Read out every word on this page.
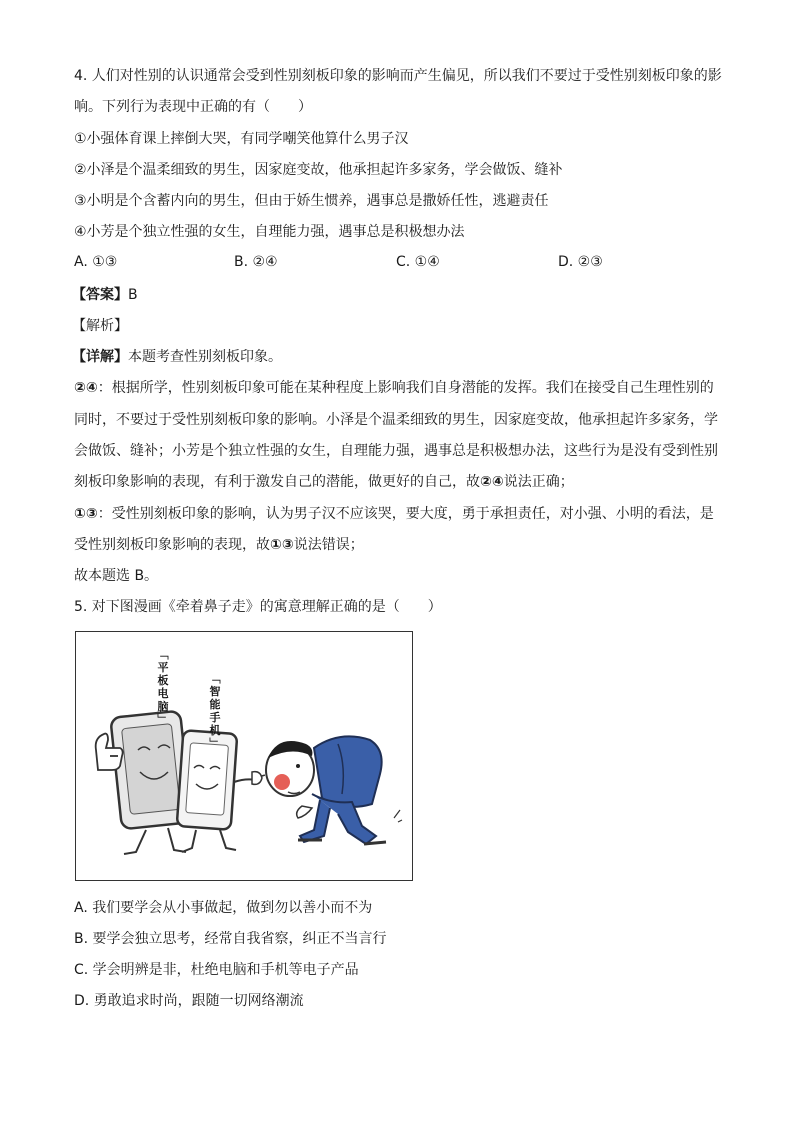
4. 人们对性别的认识通常会受到性别刻板印象的影响而产生偏见，所以我们不要过于受性别刻板印象的影
响。下列行为表现中正确的有（　　）
①小强体育课上摔倒大哭，有同学嘲笑他算什么男子汉
②小泽是个温柔细致的男生，因家庭变故，他承担起许多家务，学会做饭、缝补
③小明是个含蓄内向的男生，但由于娇生惯养，遇事总是撒娇任性，逃避责任
④小芳是个独立性强的女生，自理能力强，遇事总是积极想办法
A. ①③	B. ②④	C. ①④	D. ②③
【答案】B
【解析】
【详解】本题考查性别刻板印象。
②④：根据所学，性别刻板印象可能在某种程度上影响我们自身潜能的发挥。我们在接受自己生理性别的
同时，不要过于受性别刻板印象的影响。小泽是个温柔细致的男生，因家庭变故，他承担起许多家务，学
会做饭、缝补；小芳是个独立性强的女生，自理能力强，遇事总是积极想办法，这些行为是没有受到性别
刻板印象影响的表现，有利于激发自己的潜能，做更好的自己，故②④说法正确；
①③：受性别刻板印象的影响，认为男子汉不应该哭，要大度，勇于承担责任，对小强、小明的看法，是
受性别刻板印象影响的表现，故①③说法错误；
故本题选 B。
5. 对下图漫画《牵着鼻子走》的寓意理解正确的是（　　）
﹁
平
板
电
脑
﹂
﹁
智
能
手
机
﹂
A. 我们要学会从小事做起，做到勿以善小而不为
B. 要学会独立思考，经常自我省察，纠正不当言行
C. 学会明辨是非，杜绝电脑和手机等电子产品
D. 勇敢追求时尚，跟随一切网络潮流
